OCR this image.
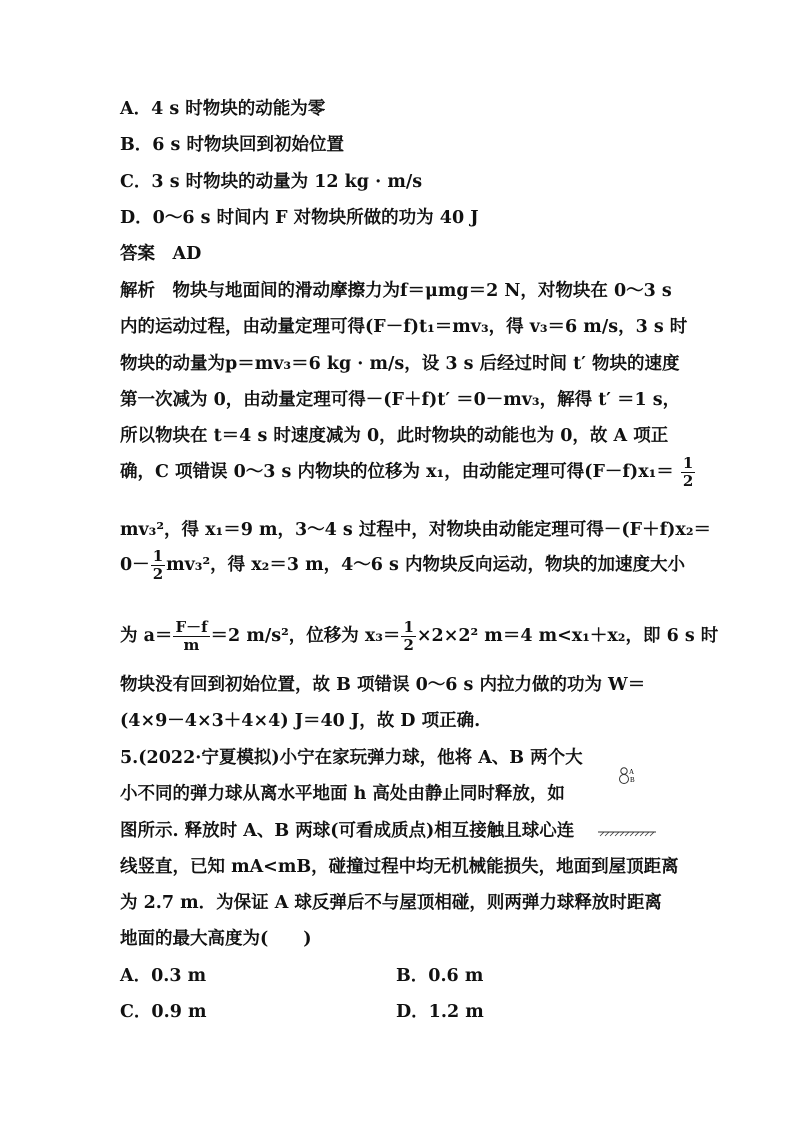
A．4 s 时物块的动能为零
B．6 s 时物块回到初始位置
C．3 s 时物块的动量为 12 kg · m/s
D．0～6 s 时间内 F 对物块所做的功为 40 J
答案　AD
解析　物块与地面间的滑动摩擦力为f＝μmg＝2 N，对物块在 0～3 s
内的运动过程，由动量定理可得(F－f)t₁＝mv₃，得 v₃＝6 m/s，3 s 时
物块的动量为p＝mv₃＝6 kg · m/s，设 3 s 后经过时间 t′ 物块的速度
第一次减为 0，由动量定理可得－(F＋f)t′ ＝0－mv₃，解得 t′ ＝1 s，
所以物块在 t＝4 s 时速度减为 0，此时物块的动能也为 0，故 A 项正
确，C 项错误 0～3 s 内物块的位移为 x₁，由动能定理可得$(F-f)x_1= \frac{1}{2}$
mv₃²，得 x₁＝9 m，3～4 s 过程中，对物块由动能定理可得－(F＋f)x₂＝
$0- \frac{1}{2} mv_3^2$，得 x₂＝3 m，4～6 s 内物块反向运动，物块的加速度大小
为 $a= \frac{F-f}{m} =2$ m/s²，位移为 $x_3= \frac{1}{2} \times 2\times 2^2$ m＝4 m<x₁＋x₂，即 6 s 时
物块没有回到初始位置，故 B 项错误 0～6 s 内拉力做的功为 W＝
(4×9－4×3＋4×4) J＝40 J，故 D 项正确.
5.(2022·宁夏模拟)小宁在家玩弹力球，他将 A、B 两个大
小不同的弹力球从离水平地面 h 高处由静止同时释放，如
图所示. 释放时 A、B 两球(可看成质点)相互接触且球心连
线竖直，已知 mA<mB，碰撞过程中均无机械能损失，地面到屋顶距离
为 2.7 m．为保证 A 球反弹后不与屋顶相碰，则两弹力球释放时距离
地面的最大高度为(　　)
A
B
A．0.3 m	B．0.6 m
C．0.9 m	D．1.2 m
